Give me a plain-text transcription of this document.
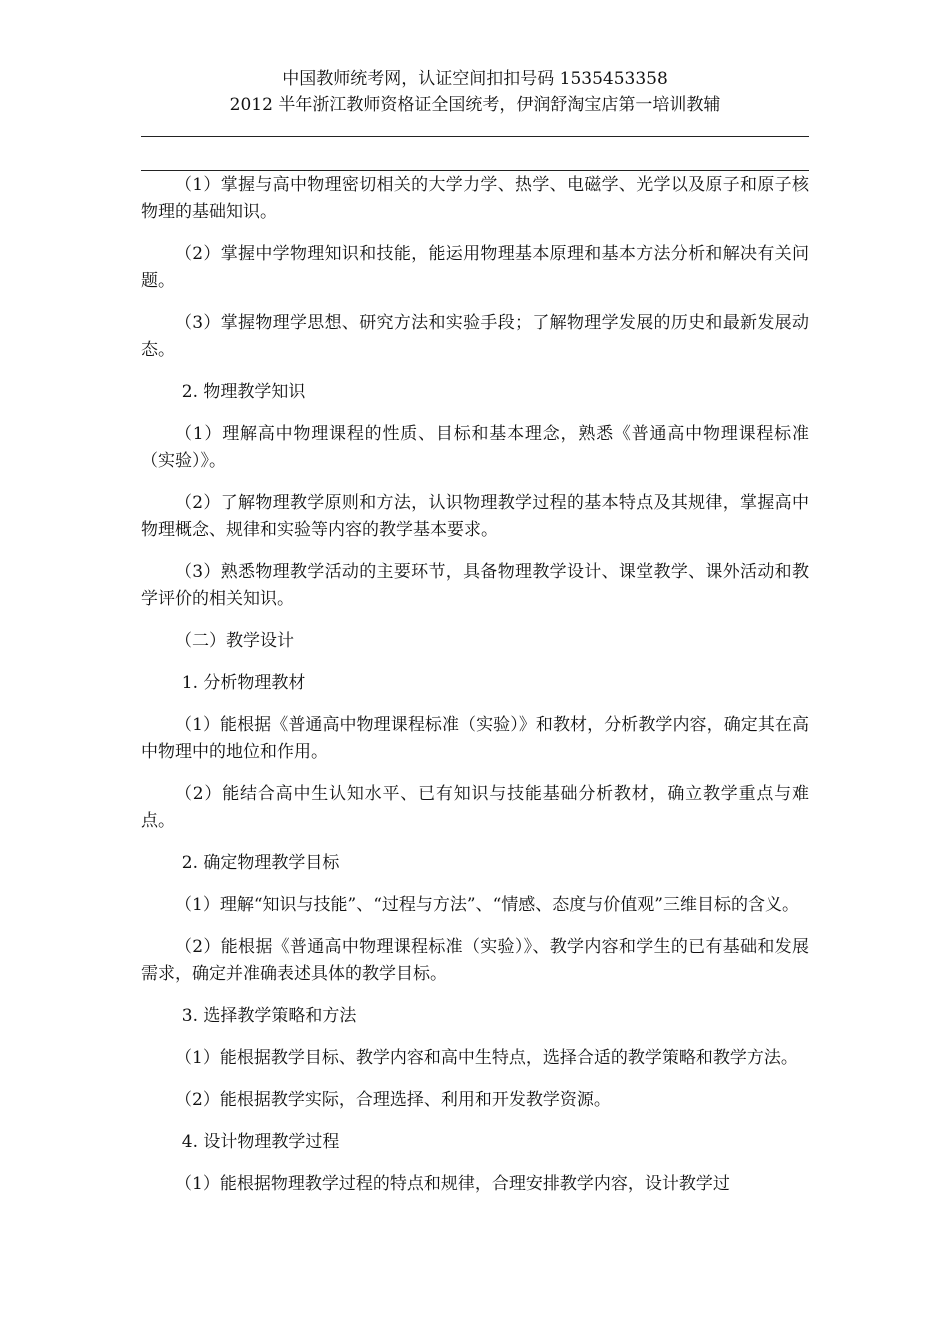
中国教师统考网，认证空间扣扣号码 1535453358
2012 半年浙江教师资格证全国统考，伊润舒淘宝店第一培训教辅

（1）掌握与高中物理密切相关的大学力学、热学、电磁学、光学以及原子和原子核物理的基础知识。

（2）掌握中学物理知识和技能，能运用物理基本原理和基本方法分析和解决有关问题。

（3）掌握物理学思想、研究方法和实验手段；了解物理学发展的历史和最新发展动态。

2. 物理教学知识

（1）理解高中物理课程的性质、目标和基本理念，熟悉《普通高中物理课程标准（实验）》。

（2）了解物理教学原则和方法，认识物理教学过程的基本特点及其规律，掌握高中物理概念、规律和实验等内容的教学基本要求。

（3）熟悉物理教学活动的主要环节，具备物理教学设计、课堂教学、课外活动和教学评价的相关知识。

（二）教学设计

1. 分析物理教材

（1）能根据《普通高中物理课程标准（实验）》和教材，分析教学内容，确定其在高中物理中的地位和作用。

（2）能结合高中生认知水平、已有知识与技能基础分析教材，确立教学重点与难点。

2. 确定物理教学目标

（1）理解“知识与技能”、“过程与方法”、“情感、态度与价值观”三维目标的含义。

（2）能根据《普通高中物理课程标准（实验）》、教学内容和学生的已有基础和发展需求，确定并准确表述具体的教学目标。

3. 选择教学策略和方法

（1）能根据教学目标、教学内容和高中生特点，选择合适的教学策略和教学方法。

（2）能根据教学实际，合理选择、利用和开发教学资源。

4. 设计物理教学过程

（1）能根据物理教学过程的特点和规律，合理安排教学内容，设计教学过
